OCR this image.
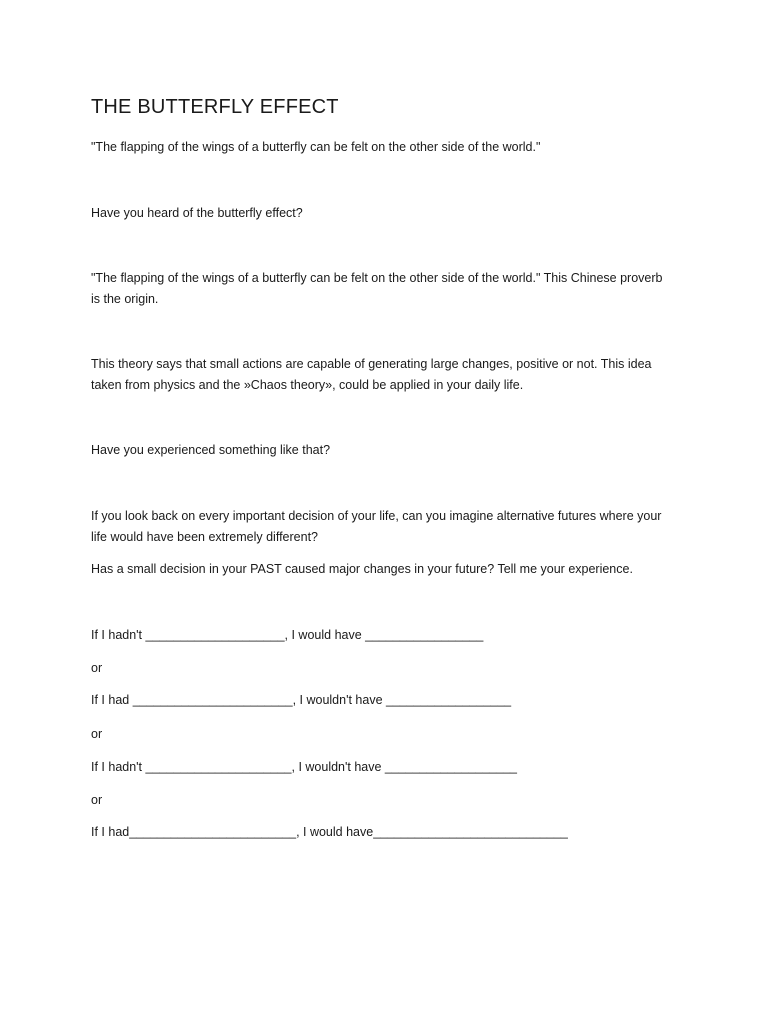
THE BUTTERFLY EFFECT
"The flapping of the wings of a butterfly can be felt on the other side of the world."
Have you heard of the butterfly effect?
"The flapping of the wings of a butterfly can be felt on the other side of the world." This Chinese proverb
is the origin.
This theory says that small actions are capable of generating large changes, positive or not. This idea
taken from physics and the »Chaos theory», could be applied in your daily life.
Have you experienced something like that?
If you look back on every important decision of your life, can you imagine alternative futures where your
life would have been extremely different?
Has a small decision in your PAST caused major changes in your future? Tell me your experience.
If I hadn't ____________________, I would have _________________
or
If I had _______________________, I wouldn't have __________________
or
If I hadn't _____________________, I wouldn't have ___________________
or
If I had________________________, I would have____________________________
